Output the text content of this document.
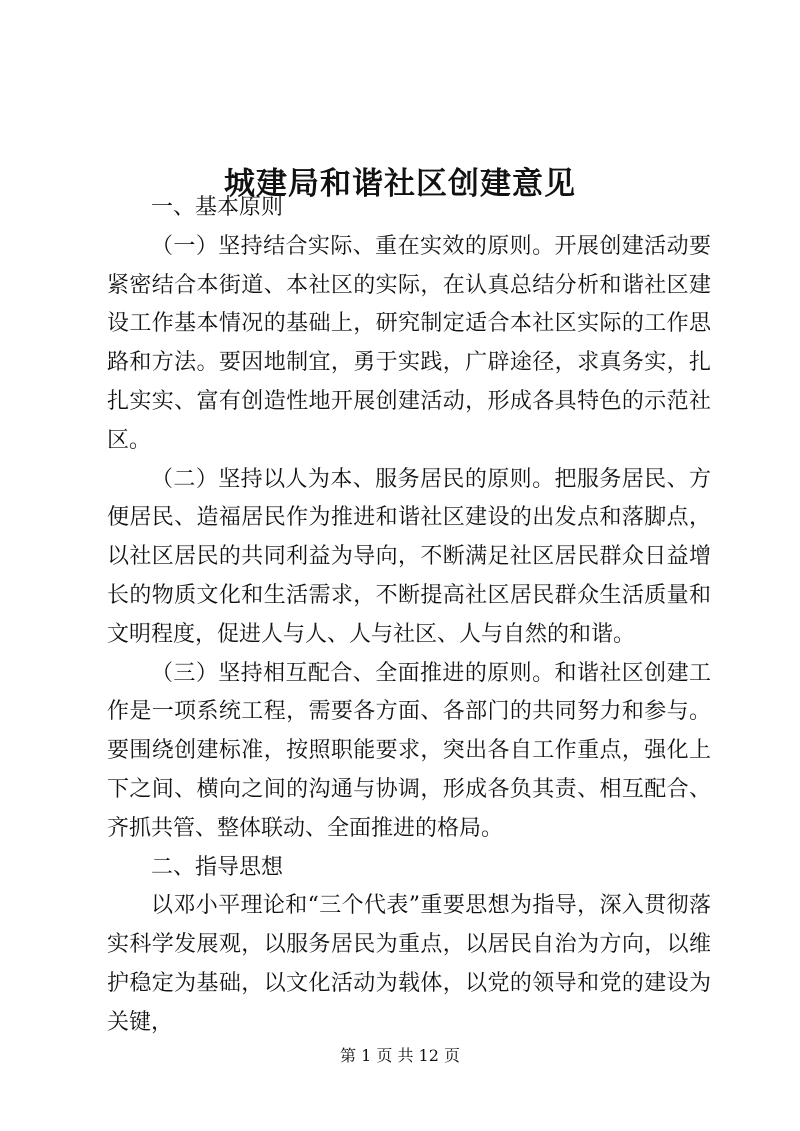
城建局和谐社区创建意见

一、基本原则

（一）坚持结合实际、重在实效的原则。开展创建活动要紧密结合本街道、本社区的实际，在认真总结分析和谐社区建设工作基本情况的基础上，研究制定适合本社区实际的工作思路和方法。要因地制宜，勇于实践，广辟途径，求真务实，扎扎实实、富有创造性地开展创建活动，形成各具特色的示范社区。

（二）坚持以人为本、服务居民的原则。把服务居民、方便居民、造福居民作为推进和谐社区建设的出发点和落脚点，以社区居民的共同利益为导向，不断满足社区居民群众日益增长的物质文化和生活需求，不断提高社区居民群众生活质量和文明程度，促进人与人、人与社区、人与自然的和谐。

（三）坚持相互配合、全面推进的原则。和谐社区创建工作是一项系统工程，需要各方面、各部门的共同努力和参与。要围绕创建标准，按照职能要求，突出各自工作重点，强化上下之间、横向之间的沟通与协调，形成各负其责、相互配合、齐抓共管、整体联动、全面推进的格局。

二、指导思想

以邓小平理论和“三个代表”重要思想为指导，深入贯彻落实科学发展观，以服务居民为重点，以居民自治为方向，以维护稳定为基础，以文化活动为载体，以党的领导和党的建设为关键，

第 1 页 共 12 页
